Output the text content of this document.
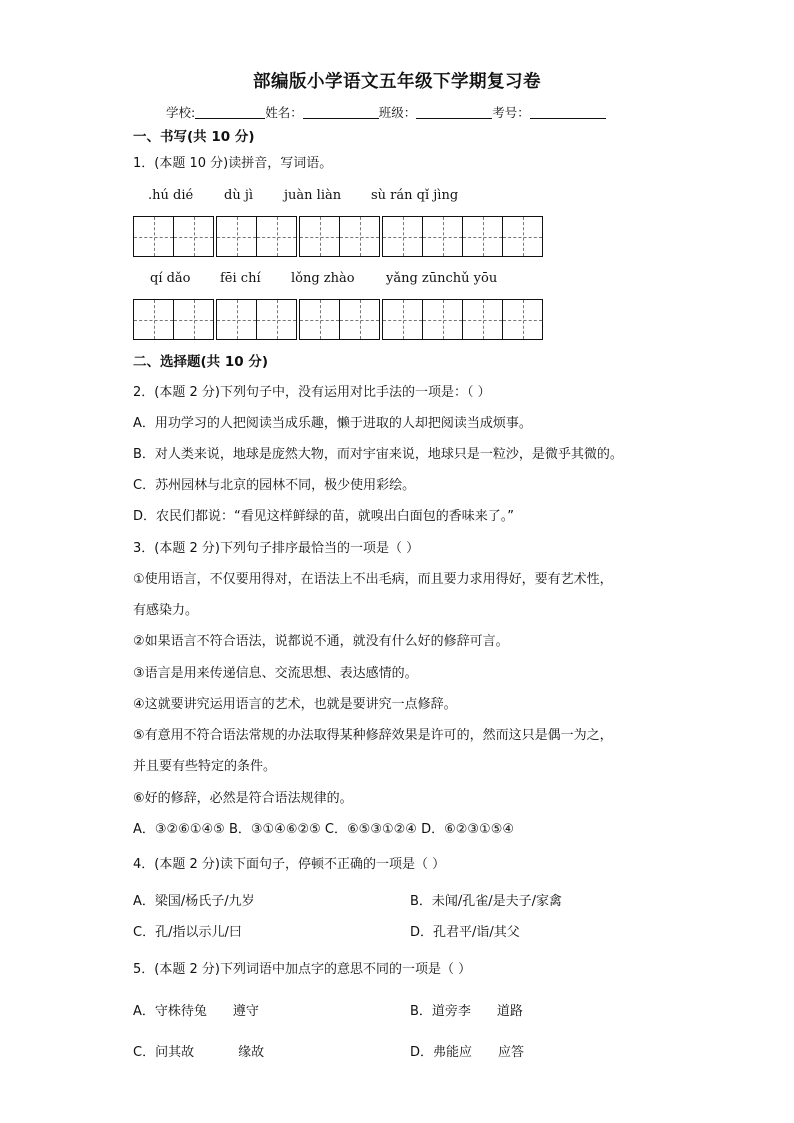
部编版小学语文五年级下学期复习卷
学校:	姓名：	班级：	考号：
一、书写(共 10 分)
1．(本题 10 分)读拼音，写词语。
.hú dié dù jì juàn liàn sù rán qǐ jìng
qí dǎo fēi chí lǒng zhào yǎng zūnchǔ yōu
二、选择题(共 10 分)
2．(本题 2 分)下列句子中，没有运用对比手法的一项是：（ ）
A．用功学习的人把阅读当成乐趣，懒于进取的人却把阅读当成烦事。
B．对人类来说，地球是庞然大物，而对宇宙来说，地球只是一粒沙，是微乎其微的。
C．苏州园林与北京的园林不同，极少使用彩绘。
D．农民们都说：“看见这样鲜绿的苗，就嗅出白面包的香味来了。”
3．(本题 2 分)下列句子排序最恰当的一项是（ ）
①使用语言，不仅要用得对，在语法上不出毛病，而且要力求用得好，要有艺术性，
有感染力。
②如果语言不符合语法，说都说不通，就没有什么好的修辞可言。
③语言是用来传递信息、交流思想、表达感情的。
④这就要讲究运用语言的艺术，也就是要讲究一点修辞。
⑤有意用不符合语法常规的办法取得某种修辞效果是许可的，然而这只是偶一为之，
并且要有些特定的条件。
⑥好的修辞，必然是符合语法规律的。
A．③②⑥①④⑤ B．③①④⑥②⑤ C．⑥⑤③①②④ D．⑥②③①⑤④
4．(本题 2 分)读下面句子，停顿不正确的一项是（ ）
A．梁国/杨氏子/九岁	B．未闻/孔雀/是夫子/家禽
C．孔/指以示儿/曰	D．孔君平/诣/其父
5．(本题 2 分)下列词语中加点字的意思不同的一项是（ ）
A．守株待兔 遵守	B．道旁李 道路
C．问其故	缘故	D．弗能应 应答
